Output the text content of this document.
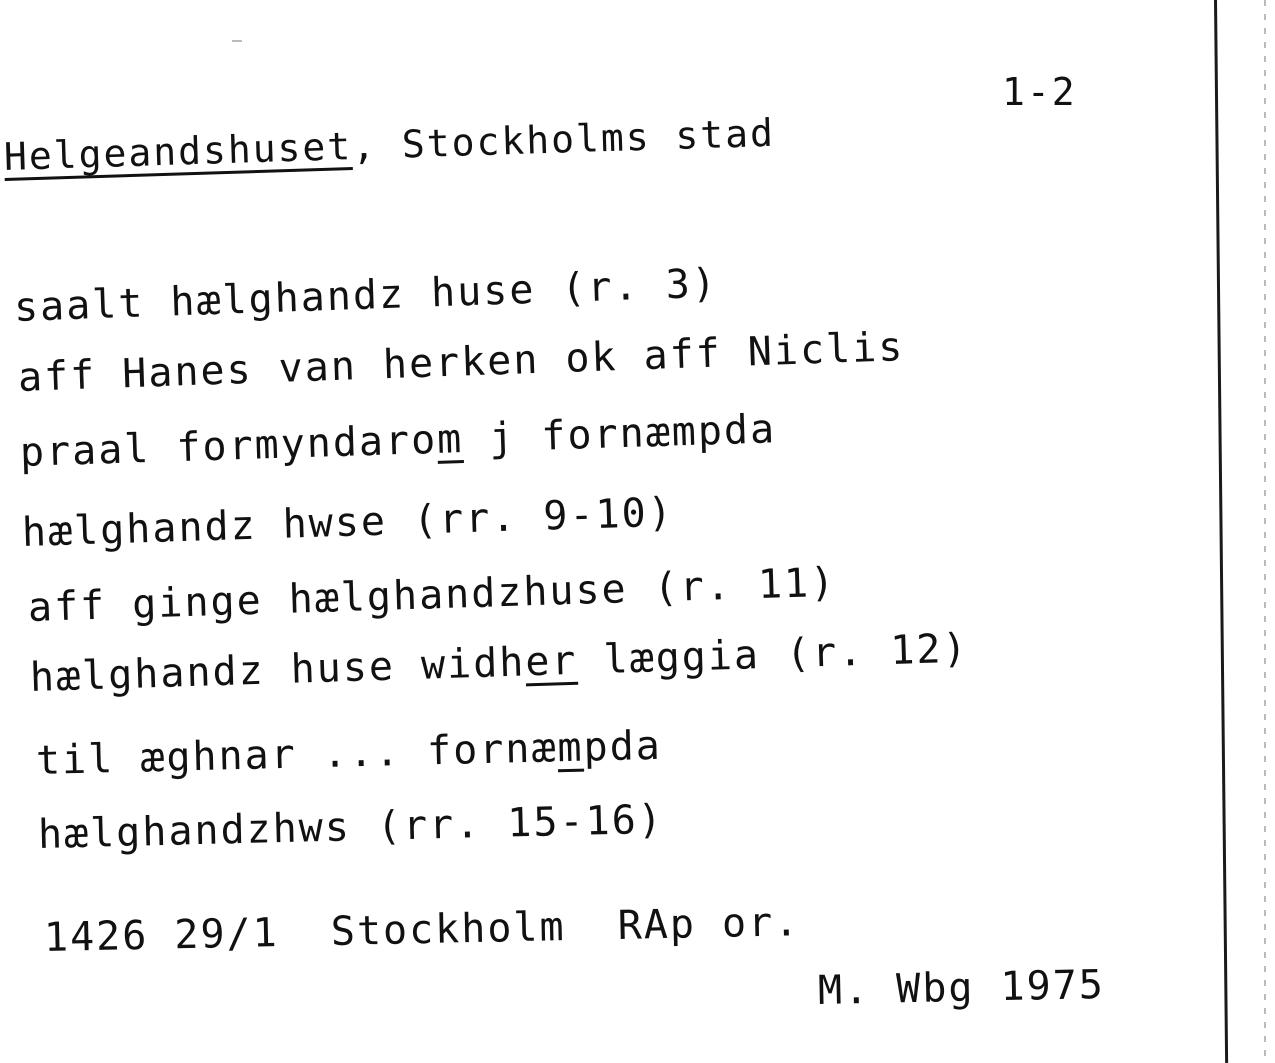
1-2
Helgeandshuset, Stockholms stad
saalt hælghandz huse (r. 3)
aff Hanes van herken ok aff Niclis
praal formyndarom j fornæmpda
hælghandz hwse (rr. 9-10)
aff ginge hælghandzhuse (r. 11)
hælghandz huse widher læggia (r. 12)
til æghnar ... fornæmpda
hælghandzhws (rr. 15-16)
1426 29/1  Stockholm  RAp or.
M. Wbg 1975
